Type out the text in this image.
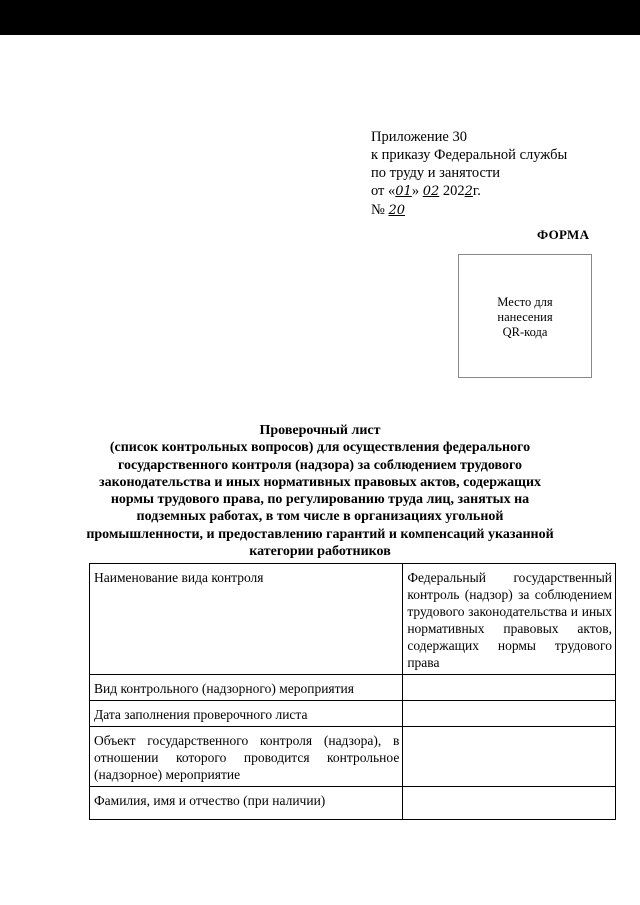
Приложение 30
к приказу Федеральной службы
по труду и занятости
от «01» 02 2022г.
№ 20
ФОРМА
Место для
нанесения
QR-кода
Проверочный лист
(список контрольных вопросов) для осуществления федерального
государственного контроля (надзора) за соблюдением трудового
законодательства и иных нормативных правовых актов, содержащих
нормы трудового права, по регулированию труда лиц, занятых на
подземных работах, в том числе в организациях угольной
промышленности, и предоставлению гарантий и компенсаций указанной
категории работников
Наименование вида контроля	Федеральный государственный контроль (надзор) за соблюдением трудового законодательства и иных нормативных правовых актов, содержащих нормы трудового права
Вид контрольного (надзорного) мероприятия	
Дата заполнения проверочного листа	
Объект государственного контроля (надзора), в отношении которого проводится контрольное (надзорное) мероприятие	
Фамилия, имя и отчество (при наличии)	
